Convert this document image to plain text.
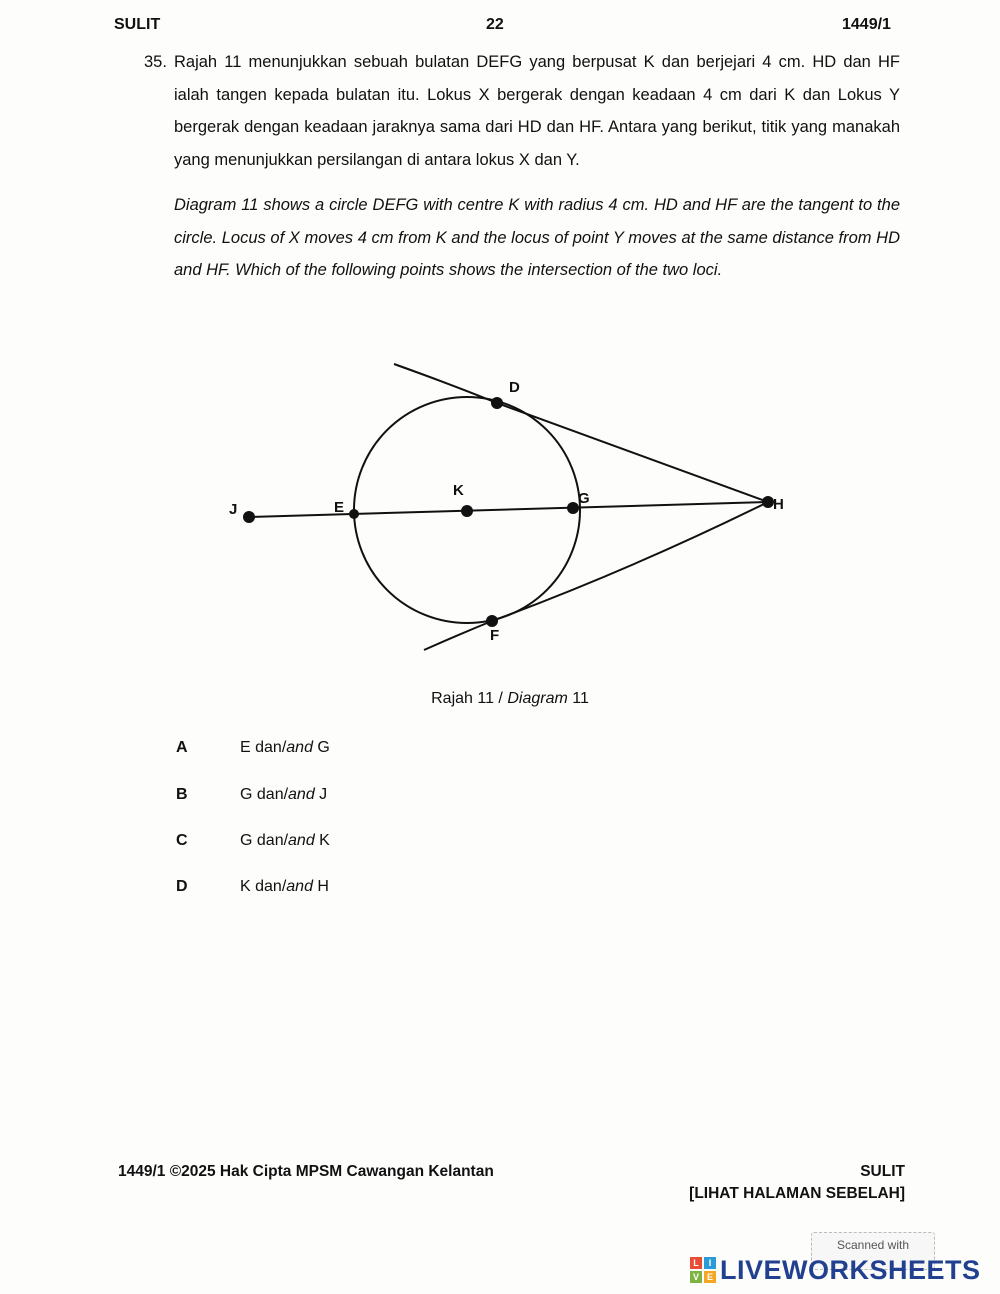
SULIT	22	1449/1
35. Rajah 11 menunjukkan sebuah bulatan DEFG yang berpusat K dan berjejari 4 cm. HD dan HF ialah tangen kepada bulatan itu. Lokus X bergerak dengan keadaan 4 cm dari K dan Lokus Y bergerak dengan keadaan jaraknya sama dari HD dan HF. Antara yang berikut, titik yang manakah yang menunjukkan persilangan di antara lokus X dan Y.
Diagram 11 shows a circle DEFG with centre K with radius 4 cm. HD and HF are the tangent to the circle. Locus of X moves 4 cm from K and the locus of point Y moves at the same distance from HD and HF. Which of the following points shows the intersection of the two loci.
D
J	E
K	G	H
F
Rajah 11 / Diagram 11
A	E dan/and G
B	G dan/and J
C	G dan/and K
D	K dan/and H
1449/1 ©2025 Hak Cipta MPSM Cawangan Kelantan	SULIT
[LIHAT HALAMAN SEBELAH]
Scanned with
L	I
V E LIVEWORKSHEETS
